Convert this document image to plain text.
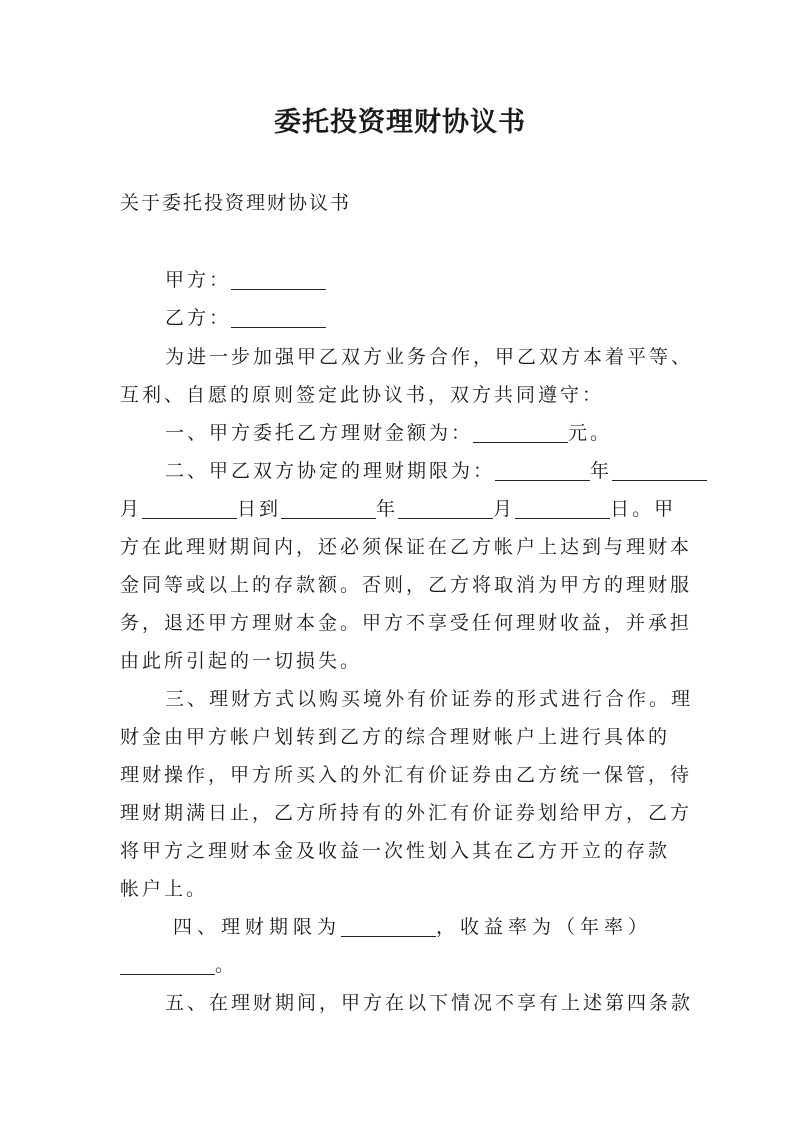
委托投资理财协议书
关于委托投资理财协议书
甲方：
乙方：
为进一步加强甲乙双方业务合作，甲乙双方本着平等、
互利、自愿的原则签定此协议书，双方共同遵守：
一、甲方委托乙方理财金额为：	元。
二、甲乙双方协定的理财期限为：	年
月	日到	年	月	日。甲
方在此理财期间内，还必须保证在乙方帐户上达到与理财本
金同等或以上的存款额。否则，乙方将取消为甲方的理财服
务，退还甲方理财本金。甲方不享受任何理财收益，并承担
由此所引起的一切损失。
三、理财方式以购买境外有价证券的形式进行合作。理
财金由甲方帐户划转到乙方的综合理财帐户上进行具体的
理财操作，甲方所买入的外汇有价证券由乙方统一保管，待
理财期满日止，乙方所持有的外汇有价证券划给甲方，乙方
将甲方之理财本金及收益一次性划入其在乙方开立的存款
帐户上。
四、理财期限为	，收益率为（年率）
。
五、在理财期间，甲方在以下情况不享有上述第四条款
